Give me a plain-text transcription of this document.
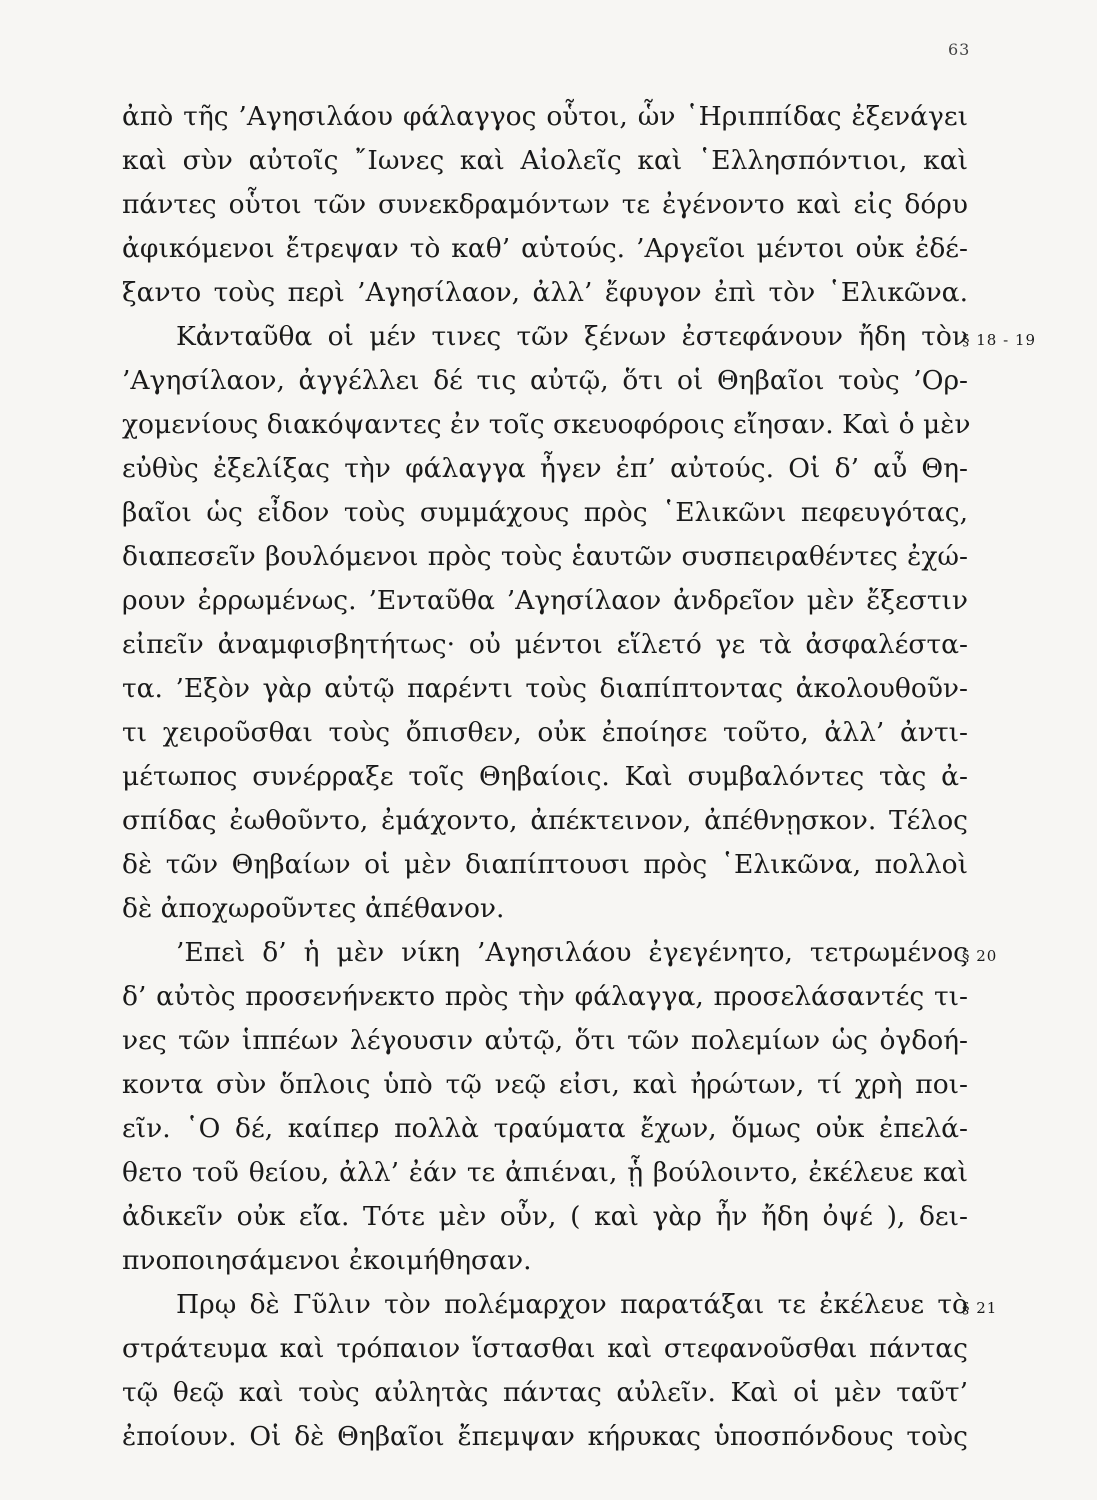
63
ἀπὸ τῆς ’Αγησιλάου φάλαγγος οὗτοι, ὧν ῾Ηριππίδας ἐξενάγει
καὶ σὺν αὐτοῖς ῎Ιωνες καὶ Αἰολεῖς καὶ ῾Ελλησπόντιοι, καὶ
πάντες οὗτοι τῶν συνεκδραμόντων τε ἐγένοντο καὶ εἰς δόρυ
ἀφικόμενοι ἔτρεψαν τὸ καθ’ αὑτούς. ’Αργεῖοι μέντοι οὐκ ἐδέ-
ξαντο τοὺς περὶ ’Αγησίλαον, ἀλλ’ ἔφυγον ἐπὶ τὸν ῾Ελικῶνα.
Κἀνταῦθα οἱ μέν τινες τῶν ξένων ἐστεφάνουν ἤδη τὸν
’Αγησίλαον, ἀγγέλλει δέ τις αὐτῷ, ὅτι οἱ Θηβαῖοι τοὺς ’Ορ-
χομενίους διακόψαντες ἐν τοῖς σκευοφόροις εἴησαν. Καὶ ὁ μὲν
εὐθὺς ἐξελίξας τὴν φάλαγγα ἦγεν ἐπ’ αὐτούς. Οἱ δ’ αὖ Θη-
βαῖοι ὡς εἶδον τοὺς συμμάχους πρὸς ῾Ελικῶνι πεφευγότας,
διαπεσεῖν βουλόμενοι πρὸς τοὺς ἑαυτῶν συσπειραθέντες ἐχώ-
ρουν ἐρρωμένως. ’Ενταῦθα ’Αγησίλαον ἀνδρεῖον μὲν ἔξεστιν
εἰπεῖν ἀναμφισβητήτως· οὐ μέντοι εἵλετό γε τὰ ἀσφαλέστα-
τα. ’Εξὸν γὰρ αὐτῷ παρέντι τοὺς διαπίπτοντας ἀκολουθοῦν-
τι χειροῦσθαι τοὺς ὄπισθεν, οὐκ ἐποίησε τοῦτο, ἀλλ’ ἀντι-
μέτωπος συνέρραξε τοῖς Θηβαίοις. Καὶ συμβαλόντες τὰς ἀ-
σπίδας ἐωθοῦντο, ἐμάχοντο, ἀπέκτεινον, ἀπέθνῃσκον. Τέλος
δὲ τῶν Θηβαίων οἱ μὲν διαπίπτουσι πρὸς ῾Ελικῶνα, πολλοὶ
δὲ ἀποχωροῦντες ἀπέθανον.
’Επεὶ δ’ ἡ μὲν νίκη ’Αγησιλάου ἐγεγένητο, τετρωμένος
δ’ αὐτὸς προσενήνεκτο πρὸς τὴν φάλαγγα, προσελάσαντές τι-
νες τῶν ἱππέων λέγουσιν αὐτῷ, ὅτι τῶν πολεμίων ὡς ὀγδοή-
κοντα σὺν ὅπλοις ὑπὸ τῷ νεῷ εἰσι, καὶ ἠρώτων, τί χρὴ ποι-
εῖν. ῾Ο δέ, καίπερ πολλὰ τραύματα ἔχων, ὅμως οὐκ ἐπελά-
θετο τοῦ θείου, ἀλλ’ ἐάν τε ἀπιέναι, ᾗ βούλοιντο, ἐκέλευε καὶ
ἀδικεῖν οὐκ εἴα. Τότε μὲν οὖν, ( καὶ γὰρ ἦν ἤδη ὀψέ ), δει-
πνοποιησάμενοι ἐκοιμήθησαν.
Πρῳ δὲ Γῦλιν τὸν πολέμαρχον παρατάξαι τε ἐκέλευε τὸ
στράτευμα καὶ τρόπαιον ἵστασθαι καὶ στεφανοῦσθαι πάντας
τῷ θεῷ καὶ τοὺς αὐλητὰς πάντας αὐλεῖν. Καὶ οἱ μὲν ταῦτ’
ἐποίουν. Οἱ δὲ Θηβαῖοι ἔπεμψαν κήρυκας ὑποσπόνδους τοὺς
§ 18 - 19
§ 20
§ 21
